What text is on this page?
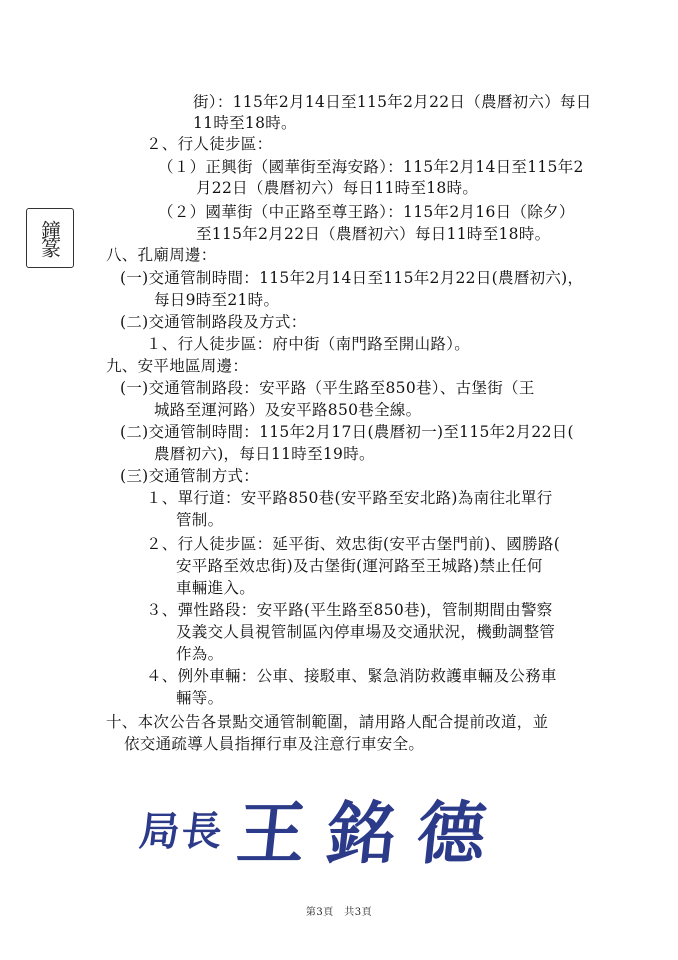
鐘篆
街）：115年2月14日至115年2月22日（農曆初六）每日
11時至18時。
２、行人徒步區：
（１）正興街（國華街至海安路）：115年2月14日至115年2
月22日（農曆初六）每日11時至18時。
（２）國華街（中正路至尊王路）：115年2月16日（除夕）
至115年2月22日（農曆初六）每日11時至18時。
八、孔廟周邊：
(一)交通管制時間：115年2月14日至115年2月22日(農曆初六)，
每日9時至21時。
(二)交通管制路段及方式：
１、行人徒步區：府中街（南門路至開山路）。
九、安平地區周邊：
(一)交通管制路段：安平路（平生路至850巷）、古堡街（王
城路至運河路）及安平路850巷全線。
(二)交通管制時間：115年2月17日(農曆初一)至115年2月22日(
農曆初六)，每日11時至19時。
(三)交通管制方式：
１、單行道：安平路850巷(安平路至安北路)為南往北單行
管制。
２、行人徒步區：延平街、效忠街(安平古堡門前)、國勝路(
安平路至效忠街)及古堡街(運河路至王城路)禁止任何
車輛進入。
３、彈性路段：安平路(平生路至850巷)，管制期間由警察
及義交人員視管制區內停車場及交通狀況，機動調整管
作為。
４、例外車輛：公車、接駁車、緊急消防救護車輛及公務車
輛等。
十、本次公告各景點交通管制範圍，請用路人配合提前改道，並
依交通疏導人員指揮行車及注意行車安全。
局長 王銘德
第3頁　共3頁
